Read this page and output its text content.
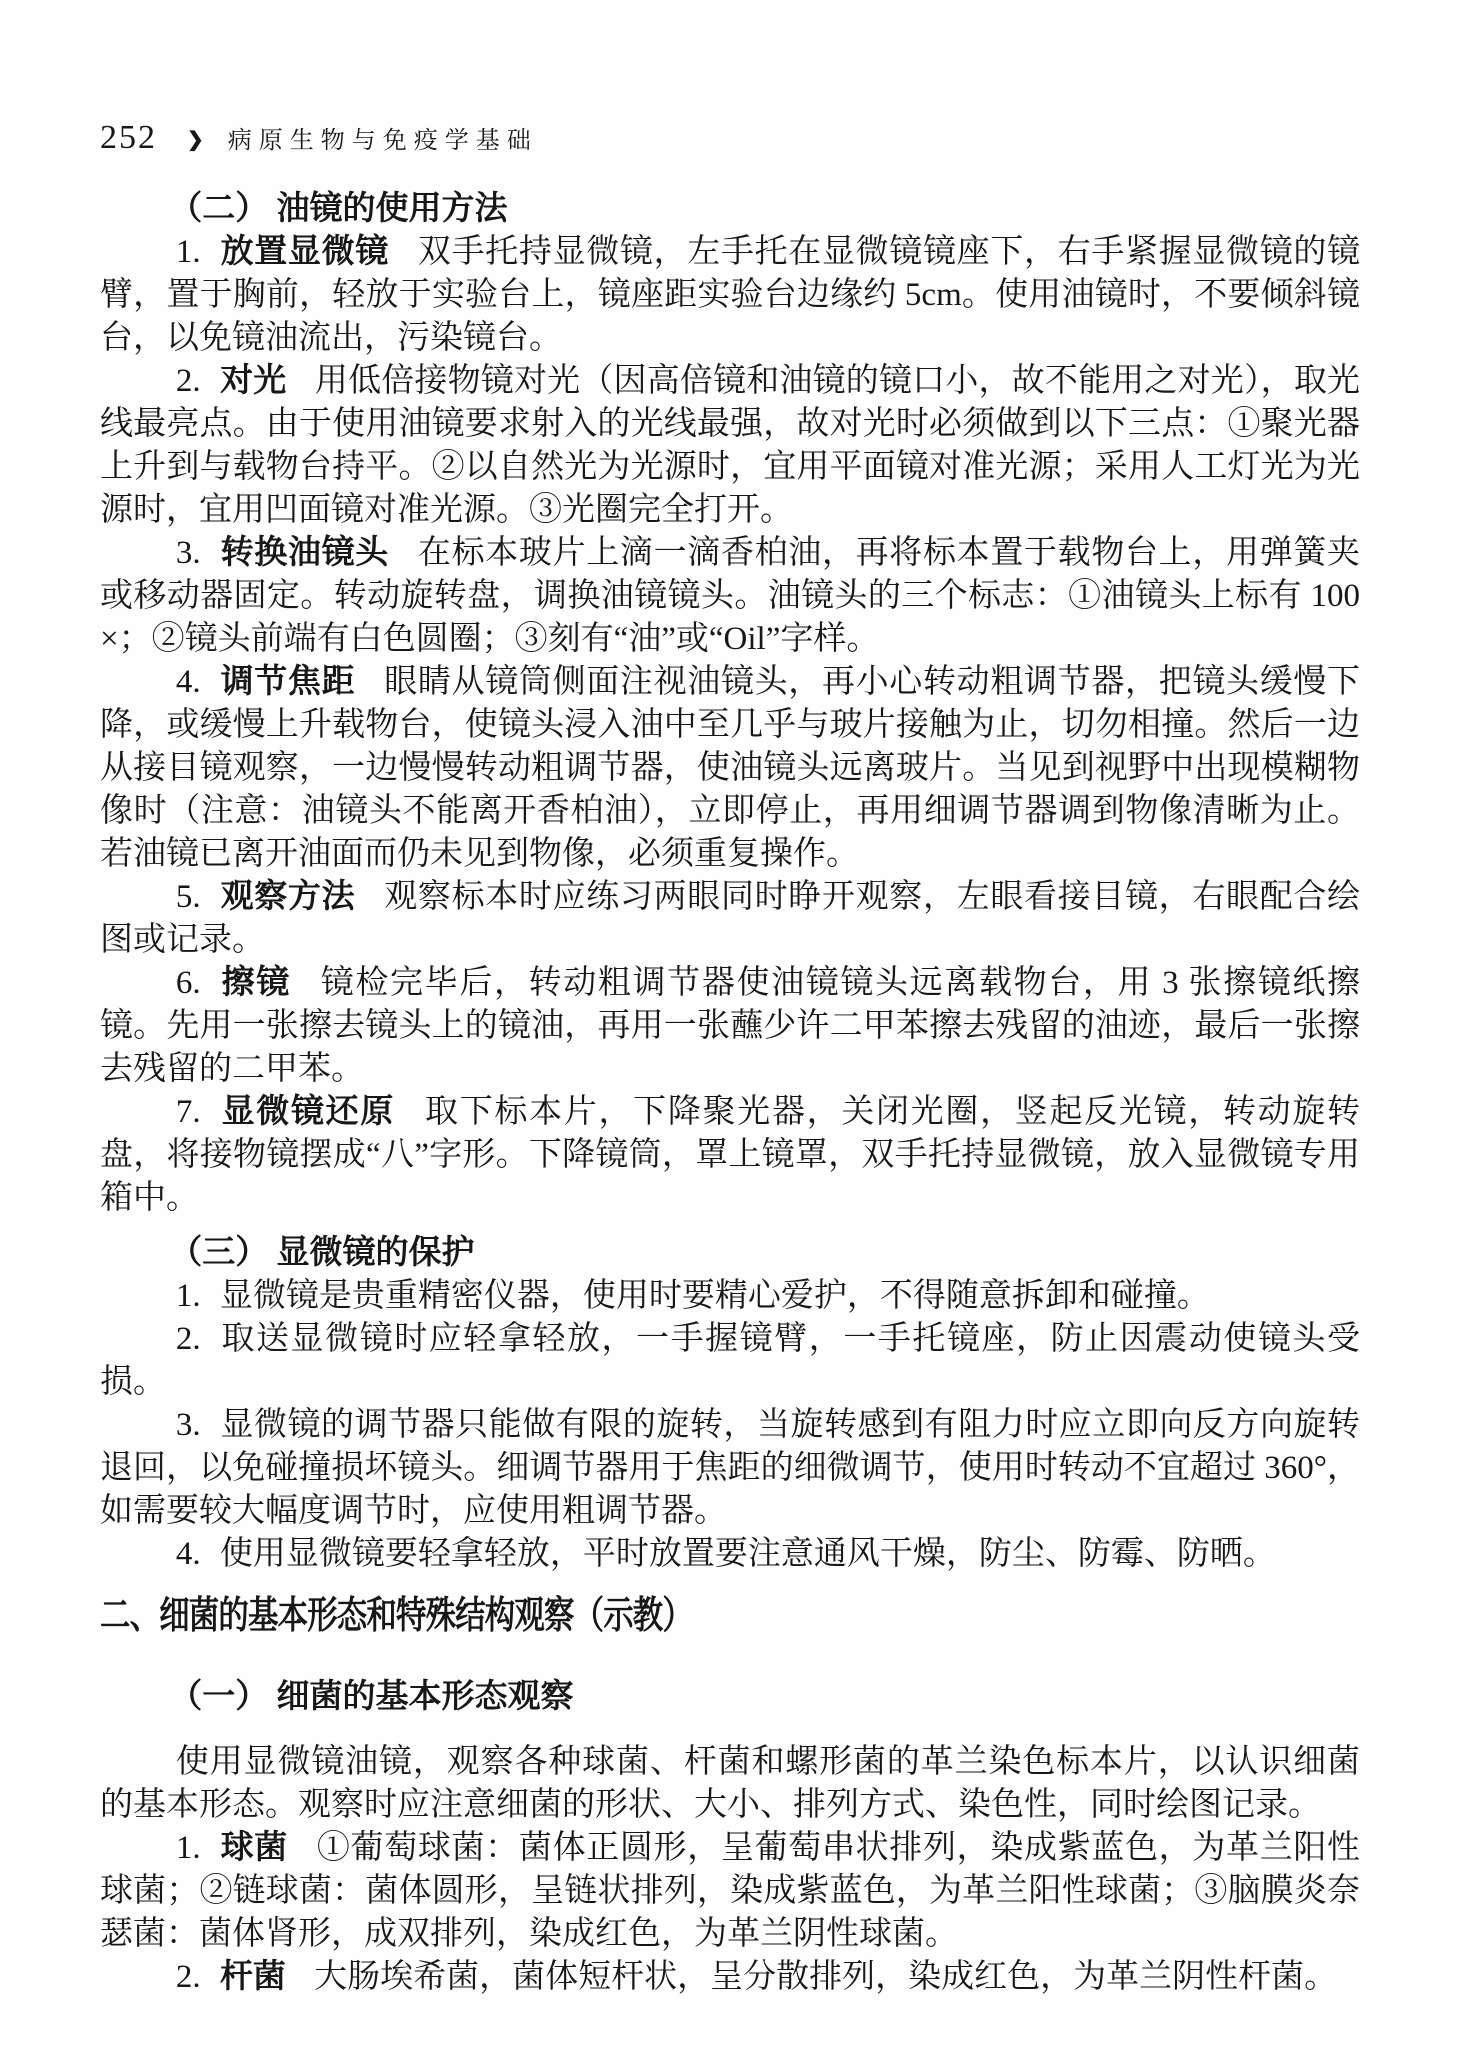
252 ❯ 病原生物与免疫学基础
（二） 油镜的使用方法

1. 放置显微镜 双手托持显微镜，左手托在显微镜镜座下，右手紧握显微镜的镜臂，置于胸前，轻放于实验台上，镜座距实验台边缘约 5cm。使用油镜时，不要倾斜镜台，以免镜油流出，污染镜台。

2. 对光 用低倍接物镜对光（因高倍镜和油镜的镜口小，故不能用之对光），取光线最亮点。由于使用油镜要求射入的光线最强，故对光时必须做到以下三点：①聚光器上升到与载物台持平。②以自然光为光源时，宜用平面镜对准光源；采用人工灯光为光源时，宜用凹面镜对准光源。③光圈完全打开。

3. 转换油镜头 在标本玻片上滴一滴香柏油，再将标本置于载物台上，用弹簧夹或移动器固定。转动旋转盘，调换油镜镜头。油镜头的三个标志：①油镜头上标有 100 ×；②镜头前端有白色圆圈；③刻有“油”或“Oil”字样。

4. 调节焦距 眼睛从镜筒侧面注视油镜头，再小心转动粗调节器，把镜头缓慢下降，或缓慢上升载物台，使镜头浸入油中至几乎与玻片接触为止，切勿相撞。然后一边从接目镜观察，一边慢慢转动粗调节器，使油镜头远离玻片。当见到视野中出现模糊物像时（注意：油镜头不能离开香柏油），立即停止，再用细调节器调到物像清晰为止。若油镜已离开油面而仍未见到物像，必须重复操作。

5. 观察方法 观察标本时应练习两眼同时睁开观察，左眼看接目镜，右眼配合绘图或记录。

6. 擦镜 镜检完毕后，转动粗调节器使油镜镜头远离载物台，用 3 张擦镜纸擦镜。先用一张擦去镜头上的镜油，再用一张蘸少许二甲苯擦去残留的油迹，最后一张擦去残留的二甲苯。

7. 显微镜还原 取下标本片，下降聚光器，关闭光圈，竖起反光镜，转动旋转盘，将接物镜摆成“八”字形。下降镜筒，罩上镜罩，双手托持显微镜，放入显微镜专用箱中。

（三） 显微镜的保护

1. 显微镜是贵重精密仪器，使用时要精心爱护，不得随意拆卸和碰撞。

2. 取送显微镜时应轻拿轻放，一手握镜臂，一手托镜座，防止因震动使镜头受损。

3. 显微镜的调节器只能做有限的旋转，当旋转感到有阻力时应立即向反方向旋转退回，以免碰撞损坏镜头。细调节器用于焦距的细微调节，使用时转动不宜超过 360°，如需要较大幅度调节时，应使用粗调节器。

4. 使用显微镜要轻拿轻放，平时放置要注意通风干燥，防尘、防霉、防晒。

二、细菌的基本形态和特殊结构观察（示教）
（一） 细菌的基本形态观察

使用显微镜油镜，观察各种球菌、杆菌和螺形菌的革兰染色标本片，以认识细菌的基本形态。观察时应注意细菌的形状、大小、排列方式、染色性，同时绘图记录。

1. 球菌 ①葡萄球菌：菌体正圆形，呈葡萄串状排列，染成紫蓝色，为革兰阳性球菌；②链球菌：菌体圆形，呈链状排列，染成紫蓝色，为革兰阳性球菌；③脑膜炎奈瑟菌：菌体肾形，成双排列，染成红色，为革兰阴性球菌。

2. 杆菌 大肠埃希菌，菌体短杆状，呈分散排列，染成红色，为革兰阴性杆菌。
